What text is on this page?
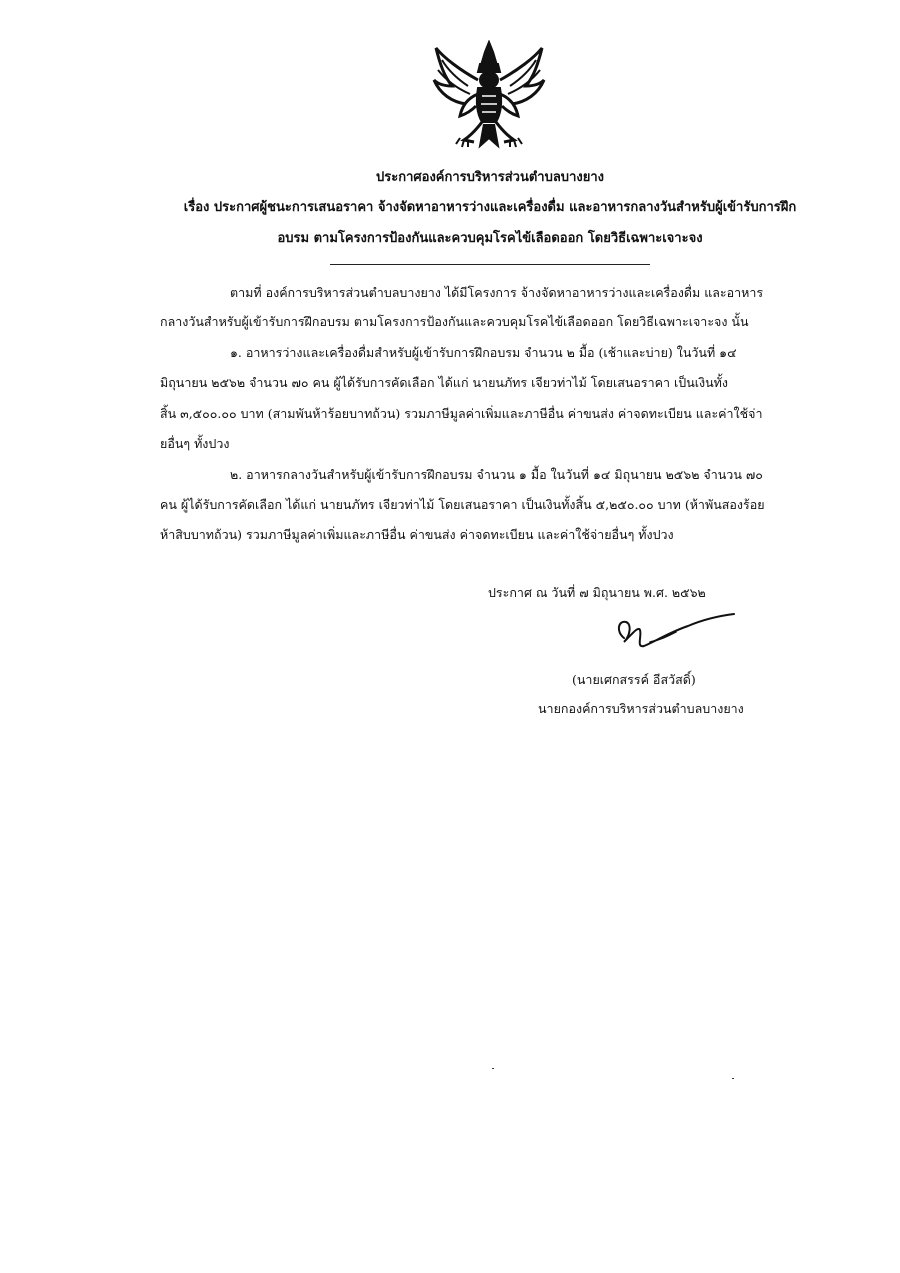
ประกาศองค์การบริหารส่วนตำบลบางยาง
เรื่อง ประกาศผู้ชนะการเสนอราคา จ้างจัดหาอาหารว่างและเครื่องดื่ม และอาหารกลางวันสำหรับผู้เข้ารับการฝึก
อบรม ตามโครงการป้องกันและควบคุมโรคไข้เลือดออก โดยวิธีเฉพาะเจาะจง
ตามที่ องค์การบริหารส่วนตำบลบางยาง ได้มีโครงการ จ้างจัดหาอาหารว่างและเครื่องดื่ม และอาหาร
กลางวันสำหรับผู้เข้ารับการฝึกอบรม ตามโครงการป้องกันและควบคุมโรคไข้เลือดออก โดยวิธีเฉพาะเจาะจง นั้น
๑. อาหารว่างและเครื่องดื่มสำหรับผู้เข้ารับการฝึกอบรม จำนวน ๒ มื้อ (เช้าและบ่าย) ในวันที่ ๑๔
มิถุนายน ๒๕๖๒ จำนวน ๗๐ คน ผู้ได้รับการคัดเลือก ได้แก่ นายนภัทร เจียวท่าไม้ โดยเสนอราคา เป็นเงินทั้ง
สิ้น ๓,๕๐๐.๐๐ บาท (สามพันห้าร้อยบาทถ้วน) รวมภาษีมูลค่าเพิ่มและภาษีอื่น ค่าขนส่ง ค่าจดทะเบียน และค่าใช้จ่า
ยอื่นๆ ทั้งปวง
๒. อาหารกลางวันสำหรับผู้เข้ารับการฝึกอบรม จำนวน ๑ มื้อ ในวันที่ ๑๔ มิถุนายน ๒๕๖๒ จำนวน ๗๐
คน ผู้ได้รับการคัดเลือก ได้แก่ นายนภัทร เจียวท่าไม้ โดยเสนอราคา เป็นเงินทั้งสิ้น ๕,๒๕๐.๐๐ บาท (ห้าพันสองร้อย
ห้าสิบบาทถ้วน) รวมภาษีมูลค่าเพิ่มและภาษีอื่น ค่าขนส่ง ค่าจดทะเบียน และค่าใช้จ่ายอื่นๆ ทั้งปวง
ประกาศ ณ วันที่ ๗ มิถุนายน พ.ศ. ๒๕๖๒
(นายเศกสรรค์ อีสวัสดิ์)
นายกองค์การบริหารส่วนตำบลบางยาง
